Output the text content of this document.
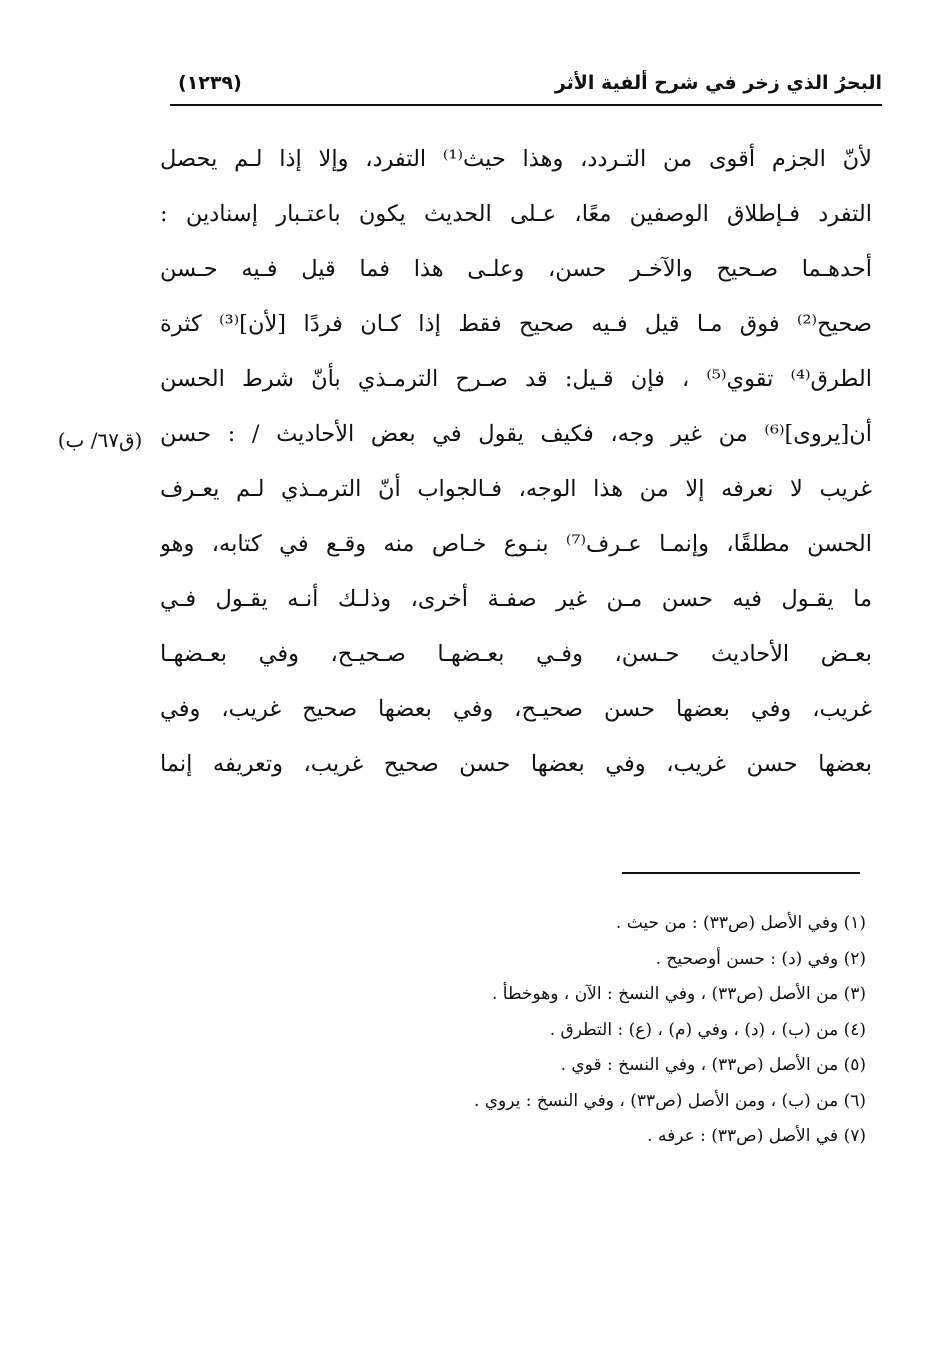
البحرُ الذي زخر في شرح ألفية الأثر
(١٢٣٩)
(ق٦٧/ ب)
لأنّ الجزم أقوى من التـردد، وهذا حيث⁽¹⁾ التفرد، وإلا إذا لـم يحصل
التفرد فـإطلاق الوصفين معًا، عـلى الحديث يكون باعتـبار إسنادين :
أحدهـما صـحيح والآخـر حسن، وعلـى هذا فما قيل فـيه حـسن
صحيح⁽²⁾ فوق مـا قيل فـيه صحيح فقط إذا كـان فردًا [لأن]⁽³⁾ كثرة
الطرق⁽⁴⁾ تقوي⁽⁵⁾ ، فإن قـيل: قد صـرح الترمـذي بأنّ شرط الحسن
أن[يروى]⁽⁶⁾ من غير وجه، فكيف يقول في بعض الأحاديث / : حسن
غريب لا نعرفه إلا من هذا الوجه، فـالجواب أنّ الترمـذي لـم يعـرف
الحسن مطلقًا، وإنمـا عـرف⁽⁷⁾ بنـوع خـاص منه وقـع في كتابه، وهو
ما يقـول فيه حسن مـن غير صفـة أخرى، وذلـك أنـه يقـول فـي
بعـض الأحاديث حـسن، وفـي بعـضهـا صـحيـح، وفي بعـضهـا
غريب، وفي بعضها حسن صحيـح، وفي بعضها صحيح غريب، وفي
بعضها حسن غريب، وفي بعضها حسن صحيح غريب، وتعريفه إنما
(١) وفي الأصل (ص٣٣) : من حيث .
(٢) وفي (د) : حسن أوصحيح .
(٣) من الأصل (ص٣٣) ، وفي النسخ : الآن ، وهوخطأ .
(٤) من (ب) ، (د) ، وفي (م) ، (ع) : التطرق .
(٥) من الأصل (ص٣٣) ، وفي النسخ : قوي .
(٦) من (ب) ، ومن الأصل (ص٣٣) ، وفي النسخ : يروي .
(٧) في الأصل (ص٣٣) : عرفه .
